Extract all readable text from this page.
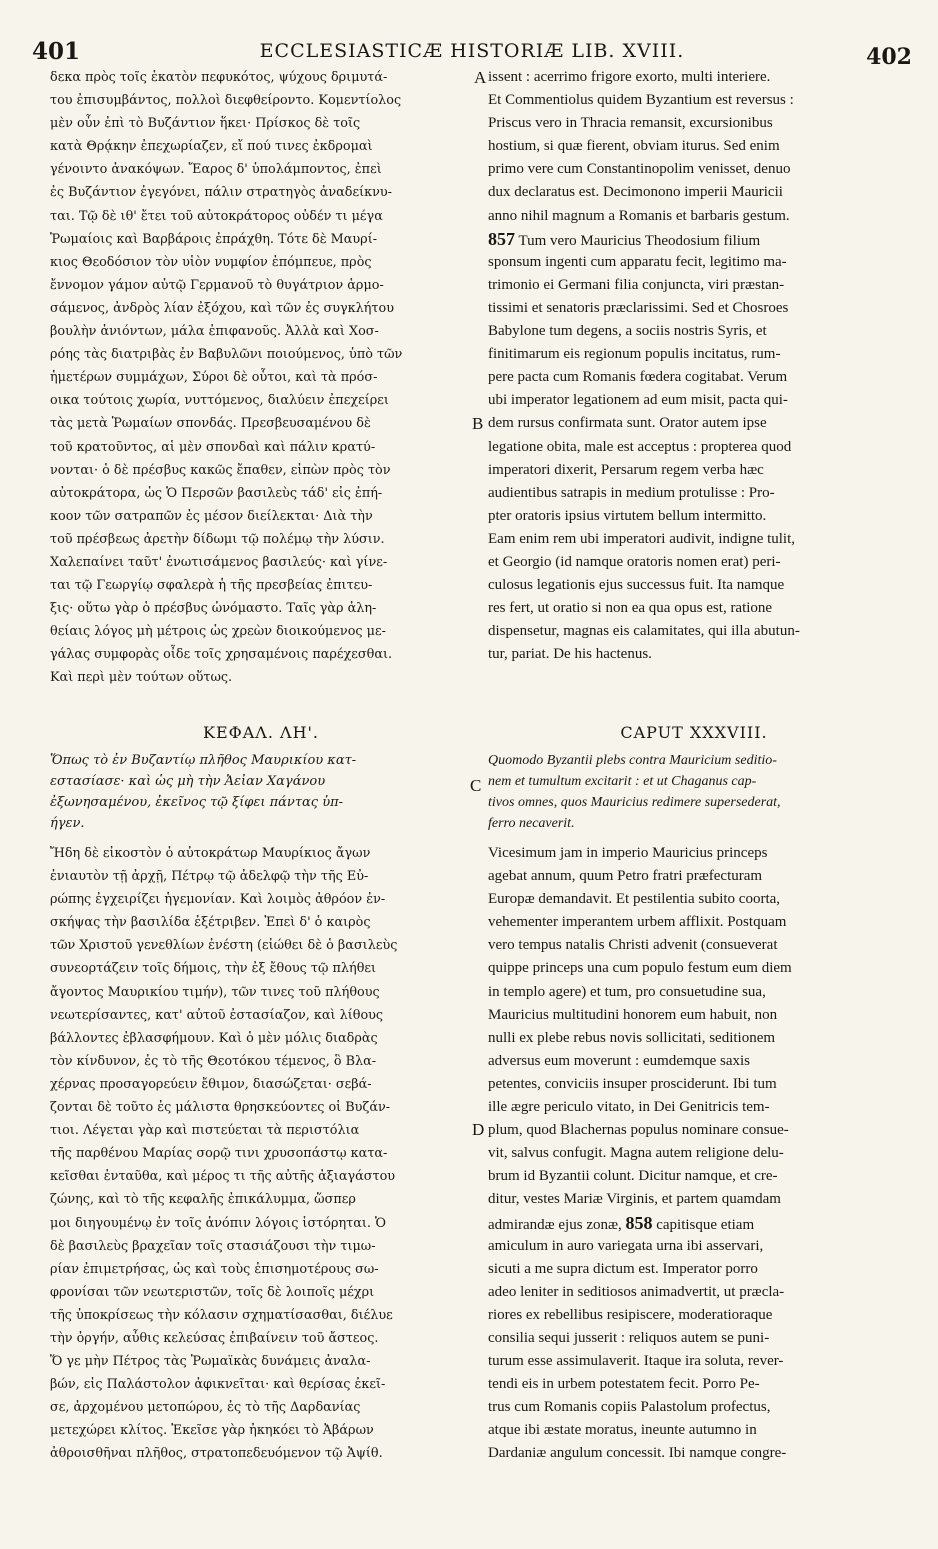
401	ECCLESIASTICÆ HISTORIÆ LIB. XVIII.	402
δεκα πρὸς τοῖς ἑκατὸν πεφυκότος, ψύχους δριμυτά-
του ἐπισυμβάντος, πολλοὶ διεφθείροντο. Κομεντίολος
μὲν οὖν ἐπὶ τὸ Βυζάντιον ἥκει· Πρίσκος δὲ τοῖς
κατὰ Θρᾴκην ἐπεχωρίαζεν, εἴ πού τινες ἐκδρομαὶ
γένοιντο ἀνακόψων. Ἔαρος δ' ὑπολάμποντος, ἐπεὶ
ἐς Βυζάντιον ἐγεγόνει, πάλιν στρατηγὸς ἀναδείκνυ-
ται. Τῷ δὲ ιθ' ἔτει τοῦ αὐτοκράτορος οὐδέν τι μέγα
Ῥωμαίοις καὶ Βαρβάροις ἐπράχθη. Τότε δὲ Μαυρί-
κιος Θεοδόσιον τὸν υἱὸν νυμφίον ἐπόμπευε, πρὸς
ἔννομον γάμον αὐτῷ Γερμανοῦ τὸ θυγάτριον ἁρμο-
σάμενος, ἀνδρὸς λίαν ἐξόχου, καὶ τῶν ἐς συγκλήτου
βουλὴν ἀνιόντων, μάλα ἐπιφανοῦς. Ἀλλὰ καὶ Χοσ-
ρόης τὰς διατριβὰς ἐν Βαβυλῶνι ποιούμενος, ὑπὸ τῶν
ἡμετέρων συμμάχων, Σύροι δὲ οὗτοι, καὶ τὰ πρόσ-
οικα τούτοις χωρία, νυττόμενος, διαλύειν ἐπεχείρει
τὰς μετὰ Ῥωμαίων σπονδάς. Πρεσβευσαμένου δὲ
τοῦ κρατοῦντος, αἱ μὲν σπονδαὶ καὶ πάλιν κρατύ-
νονται· ὁ δὲ πρέσβυς κακῶς ἔπαθεν, εἰπὼν πρὸς τὸν
αὐτοκράτορα, ὡς Ὁ Περσῶν βασιλεὺς τάδ' εἰς ἐπή-
κοον τῶν σατραπῶν ἐς μέσον διείλεκται· Διὰ τὴν
τοῦ πρέσβεως ἀρετὴν δίδωμι τῷ πολέμῳ τὴν λύσιν.
Χαλεπαίνει ταῦτ' ἐνωτισάμενος βασιλεύς· καὶ γίνε-
ται τῷ Γεωργίῳ σφαλερὰ ἡ τῆς πρεσβείας ἐπιτευ-
ξις· οὕτω γὰρ ὁ πρέσβυς ὠνόμαστο. Ταῖς γὰρ ἀλη-
θείαις λόγος μὴ μέτροις ὡς χρεὼν διοικούμενος με-
γάλας συμφορὰς οἶδε τοῖς χρησαμένοις παρέχεσθαι.
Καὶ περὶ μὲν τούτων οὕτως.
issent : acerrimo frigore exorto, multi interiere.
Et Commentiolus quidem Byzantium est reversus :
Priscus vero in Thracia remansit, excursionibus
hostium, si quæ fierent, obviam iturus. Sed enim
primo vere cum Constantinopolim venisset, denuo
dux declaratus est. Decimonono imperii Mauricii
anno nihil magnum a Romanis et barbaris gestum.
857 Tum vero Mauricius Theodosium filium
sponsum ingenti cum apparatu fecit, legitimo ma-
trimonio ei Germani filia conjuncta, viri præstan-
tissimi et senatoris præclarissimi. Sed et Chosroes
Babylone tum degens, a sociis nostris Syris, et
finitimarum eis regionum populis incitatus, rum-
pere pacta cum Romanis fœdera cogitabat. Verum
ubi imperator legationem ad eum misit, pacta qui-
dem rursus confirmata sunt. Orator autem ipse
legatione obita, male est acceptus : propterea quod
imperatori dixerit, Persarum regem verba hæc
audientibus satrapis in medium protulisse : Pro-
pter oratoris ipsius virtutem bellum intermitto.
Eam enim rem ubi imperatori audivit, indigne tulit,
et Georgio (id namque oratoris nomen erat) peri-
culosus legationis ejus successus fuit. Ita namque
res fert, ut oratio si non ea qua opus est, ratione
dispensetur, magnas eis calamitates, qui illa abutun-
tur, pariat. De his hactenus.
A
B
ΚΕΦΑΛ. ΛΗ'.
Ὅπως τὸ ἐν Βυζαντίῳ πλῆθος Μαυρικίου κατ-
εστασίασε· καὶ ὡς μὴ τὴν Ἀεἰαν Χαγάνου
ἐξωνησαμένου, ἐκεῖνος τῷ ξίφει πάντας ὑπ-
ήγεν.
Ἤδη δὲ εἰκοστὸν ὁ αὐτοκράτωρ Μαυρίκιος ἄγων
ἐνιαυτὸν τῇ ἀρχῇ, Πέτρῳ τῷ ἀδελφῷ τὴν τῆς Εὐ-
ρώπης ἐγχειρίζει ἡγεμονίαν. Καὶ λοιμὸς ἀθρόον ἐν-
σκήψας τὴν βασιλίδα ἐξέτριβεν. Ἐπεὶ δ' ὁ καιρὸς
τῶν Χριστοῦ γενεθλίων ἐνέστη (εἰώθει δὲ ὁ βασιλεὺς
συνεορτάζειν τοῖς δήμοις, τὴν ἐξ ἔθους τῷ πλήθει
ἄγοντος Μαυρικίου τιμήν), τῶν τινες τοῦ πλήθους
νεωτερίσαντες, κατ' αὐτοῦ ἐστασίαζον, καὶ λίθους
βάλλοντες ἐβλασφήμουν. Καὶ ὁ μὲν μόλις διαδρὰς
τὸν κίνδυνον, ἐς τὸ τῆς Θεοτόκου τέμενος, ὃ Βλα-
χέρνας προσαγορεύειν ἔθιμον, διασώζεται· σεβά-
ζονται δὲ τοῦτο ἐς μάλιστα θρησκεύοντες οἱ Βυζάν-
τιοι. Λέγεται γὰρ καὶ πιστεύεται τὰ περιστόλια
τῆς παρθένου Μαρίας σορῷ τινι χρυσοπάστῳ κατα-
κεῖσθαι ἐνταῦθα, καὶ μέρος τι τῆς αὐτῆς ἀξιαγάστου
ζώνης, καὶ τὸ τῆς κεφαλῆς ἐπικάλυμμα, ὥσπερ
μοι διηγουμένῳ ἐν τοῖς ἀνόπιν λόγοις ἱστόρηται. Ὁ
δὲ βασιλεὺς βραχεῖαν τοῖς στασιάζουσι τὴν τιμω-
ρίαν ἐπιμετρήσας, ὡς καὶ τοὺς ἐπισημοτέρους σω-
φρονίσαι τῶν νεωτεριστῶν, τοῖς δὲ λοιποῖς μέχρι
τῆς ὑποκρίσεως τὴν κόλασιν σχηματίσασθαι, διέλυε
τὴν ὀργήν, αὖθις κελεύσας ἐπιβαίνειν τοῦ ἄστεος.
Ὅ γε μὴν Πέτρος τὰς Ῥωμαϊκὰς δυνάμεις ἀναλα-
βών, εἰς Παλάστολον ἀφικνεῖται· καὶ θερίσας ἐκεῖ-
σε, ἀρχομένου μετοπώρου, ἐς τὸ τῆς Δαρδανίας
μετεχώρει κλίτος. Ἐκεῖσε γὰρ ἠκηκόει τὸ Ἀβάρων
ἀθροισθῆναι πλῆθος, στρατοπεδευόμενον τῷ Ἀψίθ.
CAPUT XXXVIII.
Quomodo Byzantii plebs contra Mauricium seditio-
nem et tumultum excitarit : et ut Chaganus cap-
tivos omnes, quos Mauricius redimere supersederat,
ferro necaverit.
Vicesimum jam in imperio Mauricius princeps
agebat annum, quum Petro fratri præfecturam
Europæ demandavit. Et pestilentia subito coorta,
vehementer imperantem urbem afflixit. Postquam
vero tempus natalis Christi advenit (consueverat
quippe princeps una cum populo festum eum diem
in templo agere) et tum, pro consuetudine sua,
Mauricius multitudini honorem eum habuit, non
nulli ex plebe rebus novis sollicitati, seditionem
adversus eum moverunt : eumdemque saxis
petentes, conviciis insuper prosciderunt. Ibi tum
ille ægre periculo vitato, in Dei Genitricis tem-
plum, quod Blachernas populus nominare consue-
vit, salvus confugit. Magna autem religione delu-
brum id Byzantii colunt. Dicitur namque, et cre-
ditur, vestes Mariæ Virginis, et partem quamdam
admirandæ ejus zonæ, 858 capitisque etiam
amiculum in auro variegata urna ibi asservari,
sicuti a me supra dictum est. Imperator porro
adeo leniter in seditiosos animadvertit, ut præcla-
riores ex rebellibus resipiscere, moderatioraque
consilia sequi jusserit : reliquos autem se puni-
turum esse assimulaverit. Itaque ira soluta, rever-
tendi eis in urbem potestatem fecit. Porro Pe-
trus cum Romanis copiis Palastolum profectus,
atque ibi æstate moratus, ineunte autumno in
Dardaniæ angulum concessit. Ibi namque congre-
C
D
